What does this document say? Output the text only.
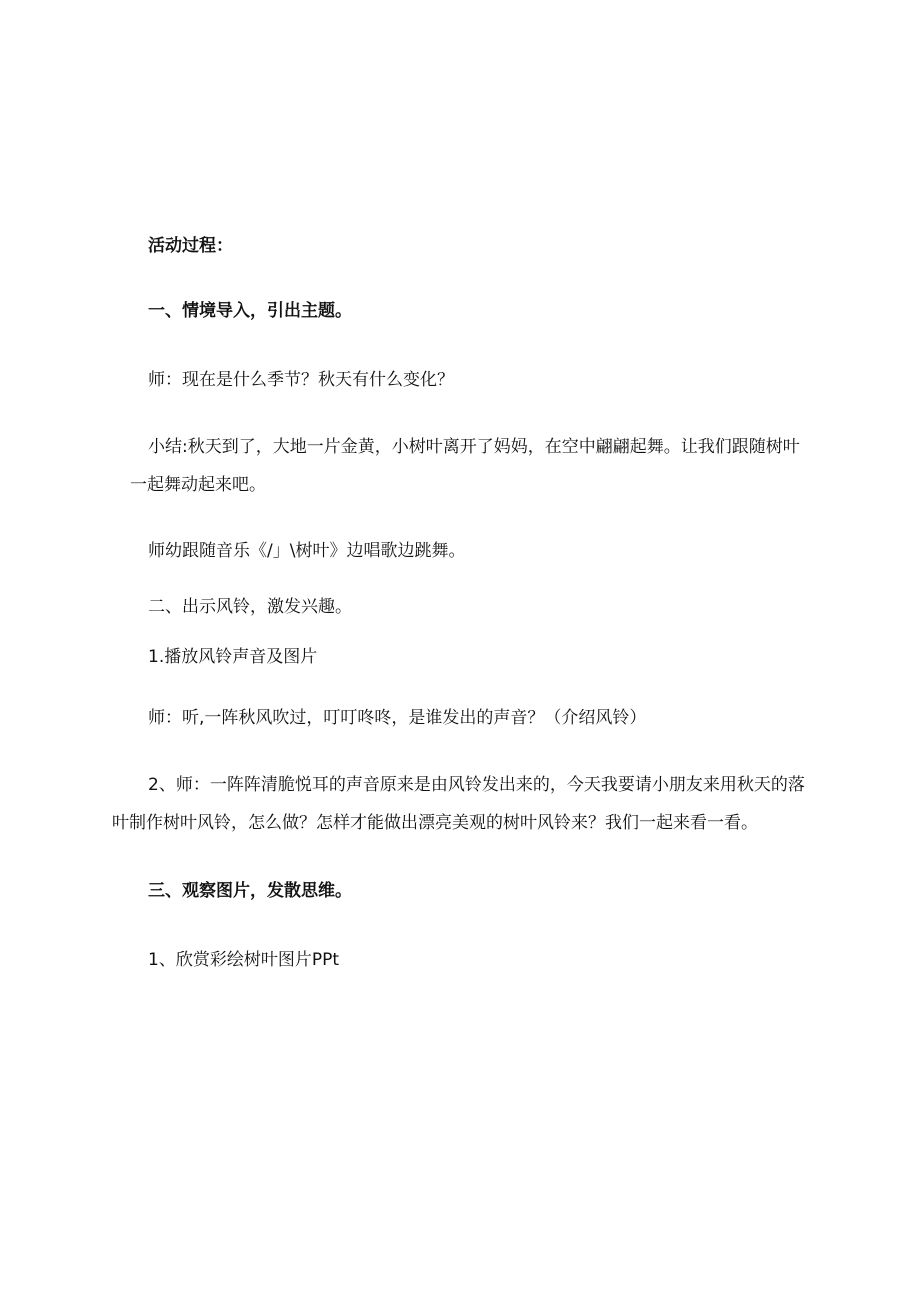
活动过程：

一、情境导入，引出主题。

师：现在是什么季节？秋天有什么变化？

小结:秋天到了，大地一片金黄，小树叶离开了妈妈，在空中翩翩起舞。让我们跟随树叶

一起舞动起来吧。

师幼跟随音乐《/」\树叶》边唱歌边跳舞。

二、出示风铃，激发兴趣。

1.播放风铃声音及图片

师：听,一阵秋风吹过，叮叮咚咚，是谁发出的声音？（介绍风铃）

2、师：一阵阵清脆悦耳的声音原来是由风铃发出来的，今天我要请小朋友来用秋天的落

叶制作树叶风铃，怎么做？怎样才能做出漂亮美观的树叶风铃来？我们一起来看一看。

三、观察图片，发散思维。

1、欣赏彩绘树叶图片PPt
